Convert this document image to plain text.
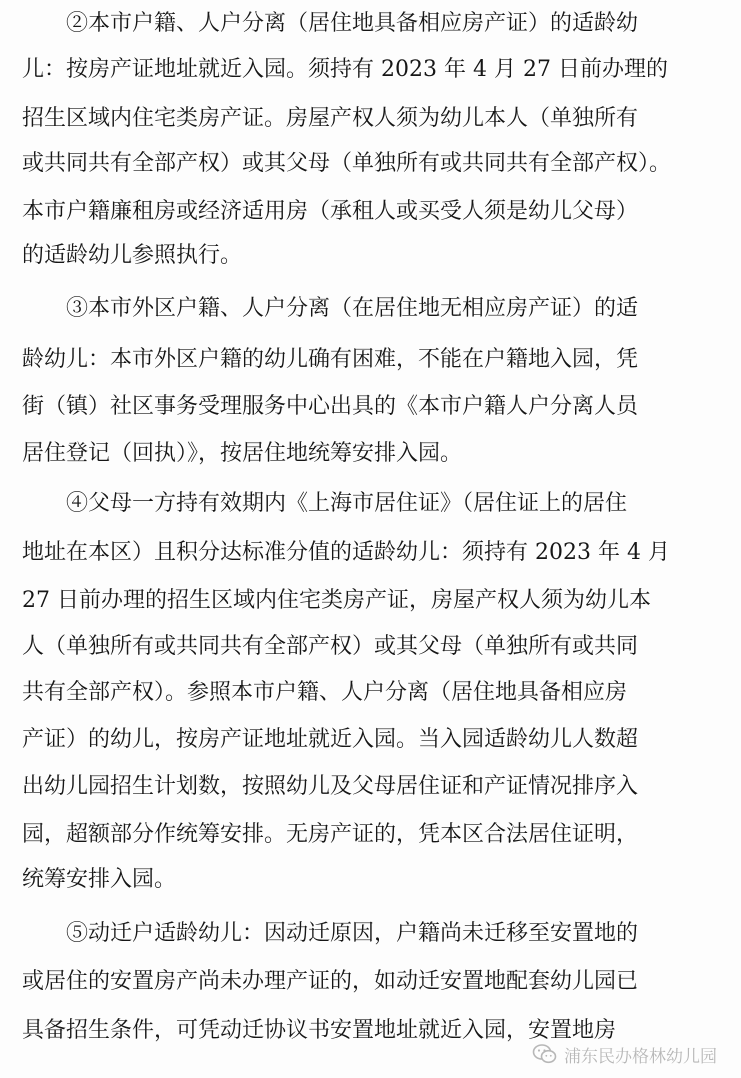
②本市户籍、人户分离（居住地具备相应房产证）的适龄幼
儿：按房产证地址就近入园。须持有 2023 年 4 月 27 日前办理的
招生区域内住宅类房产证。房屋产权人须为幼儿本人（单独所有
或共同共有全部产权）或其父母（单独所有或共同共有全部产权）。
本市户籍廉租房或经济适用房（承租人或买受人须是幼儿父母）
的适龄幼儿参照执行。
③本市外区户籍、人户分离（在居住地无相应房产证）的适
龄幼儿：本市外区户籍的幼儿确有困难，不能在户籍地入园，凭
街（镇）社区事务受理服务中心出具的《本市户籍人户分离人员
居住登记（回执）》，按居住地统筹安排入园。
④父母一方持有效期内《上海市居住证》（居住证上的居住
地址在本区）且积分达标准分值的适龄幼儿：须持有 2023 年 4 月
27 日前办理的招生区域内住宅类房产证，房屋产权人须为幼儿本
人（单独所有或共同共有全部产权）或其父母（单独所有或共同
共有全部产权）。参照本市户籍、人户分离（居住地具备相应房
产证）的幼儿，按房产证地址就近入园。当入园适龄幼儿人数超
出幼儿园招生计划数，按照幼儿及父母居住证和产证情况排序入
园，超额部分作统筹安排。无房产证的，凭本区合法居住证明，
统筹安排入园。
⑤动迁户适龄幼儿：因动迁原因，户籍尚未迁移至安置地的
或居住的安置房产尚未办理产证的，如动迁安置地配套幼儿园已
具备招生条件，可凭动迁协议书安置地址就近入园，安置地房
浦东民办格林幼儿园
